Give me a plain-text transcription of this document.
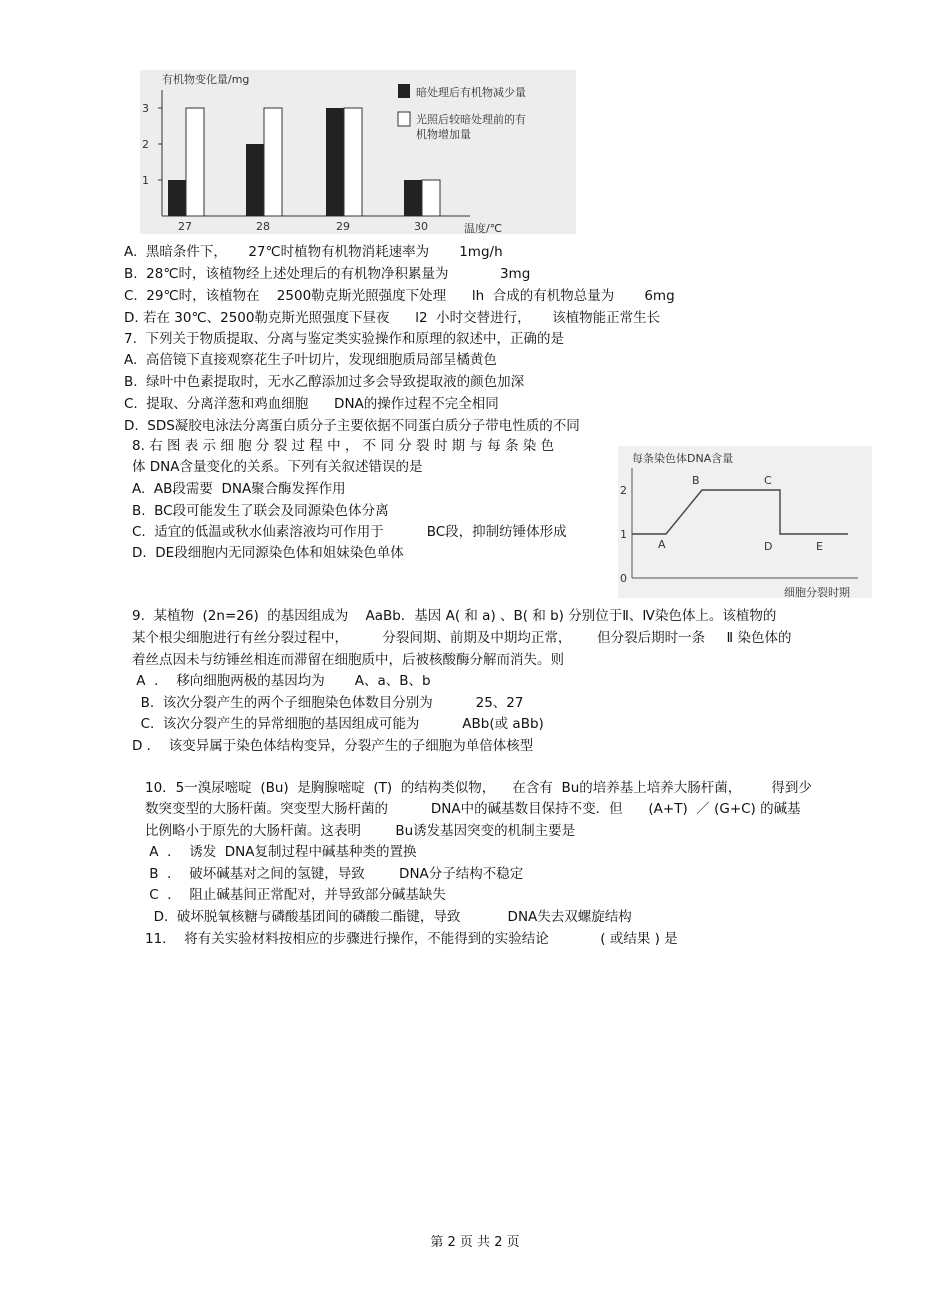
有机物变化量/mg
1
2
3
27	28	29	30	温度/℃
暗处理后有机物减少量
光照后较暗处理前的有
机物增加量
A.  黑暗条件下，     27℃时植物有机物消耗速率为       1mg/h
B.  28℃时，该植物经上述处理后的有机物净积累量为            3mg
C.  29℃时，该植物在    2500勒克斯光照强度下处理      lh  合成的有机物总量为       6mg
D. 若在 30℃、2500勒克斯光照强度下昼夜      l2  小时交替进行，     该植物能正常生长
7.  下列关于物质提取、分离与鉴定类实验操作和原理的叙述中，正确的是
A.  高倍镜下直接观察花生子叶切片，发现细胞质局部呈橘黄色
B.  绿叶中色素提取时，无水乙醇添加过多会导致提取液的颜色加深
C.  提取、分离洋葱和鸡血细胞      DNA的操作过程不完全相同
D.  SDS凝胶电泳法分离蛋白质分子主要依据不同蛋白质分子带电性质的不同
8. 右 图 表 示 细 胞 分 裂 过 程 中 ， 不 同 分 裂 时 期 与 每 条 染 色
体 DNA含量变化的关系。下列有关叙述错误的是
A.  AB段需要  DNA聚合酶发挥作用
B.  BC段可能发生了联会及同源染色体分离
C.  适宜的低温或秋水仙素溶液均可作用于          BC段，抑制纺锤体形成
D.  DE段细胞内无同源染色体和姐妹染色单体
每条染色体DNA含量
0
1
2
A
B	C
D	E
细胞分裂时期
9.  某植物  (2n=26)  的基因组成为    AaBb．基因 A( 和 a) 、B( 和 b) 分别位于Ⅱ、Ⅳ染色体上。该植物的
某个根尖细胞进行有丝分裂过程中，        分裂间期、前期及中期均正常，      但分裂后期时一条     Ⅱ 染色体的
着丝点因未与纺锤丝相连而滞留在细胞质中，后被核酸酶分解而消失。则
A  ．  移向细胞两极的基因均为       A、a、B、b
B.  该次分裂产生的两个子细胞染色体数目分别为          25、27
C.  该次分裂产生的异常细胞的基因组成可能为          ABb(或 aBb)
D ．  该变异属于染色体结构变异，分裂产生的子细胞为单倍体核型
10．5一溴尿嘧啶  (Bu)  是胸腺嘧啶  (T)  的结构类似物，    在含有  Bu的培养基上培养大肠杆菌，       得到少
数突变型的大肠杆菌。突变型大肠杆菌的          DNA中的碱基数目保持不变．但      (A+T)  ／ (G+C) 的碱基
比例略小于原先的大肠杆菌。这表明        Bu诱发基因突变的机制主要是
A  ．  诱发  DNA复制过程中碱基种类的置换
B  ．  破坏碱基对之间的氢键，导致        DNA分子结构不稳定
C  ．  阻止碱基间正常配对，并导致部分碱基缺失
D.  破坏脱氧核糖与磷酸基团间的磷酸二酯键，导致           DNA失去双螺旋结构
11．  将有关实验材料按相应的步骤进行操作，不能得到的实验结论            ( 或结果 ) 是
第 2 页 共 2 页
